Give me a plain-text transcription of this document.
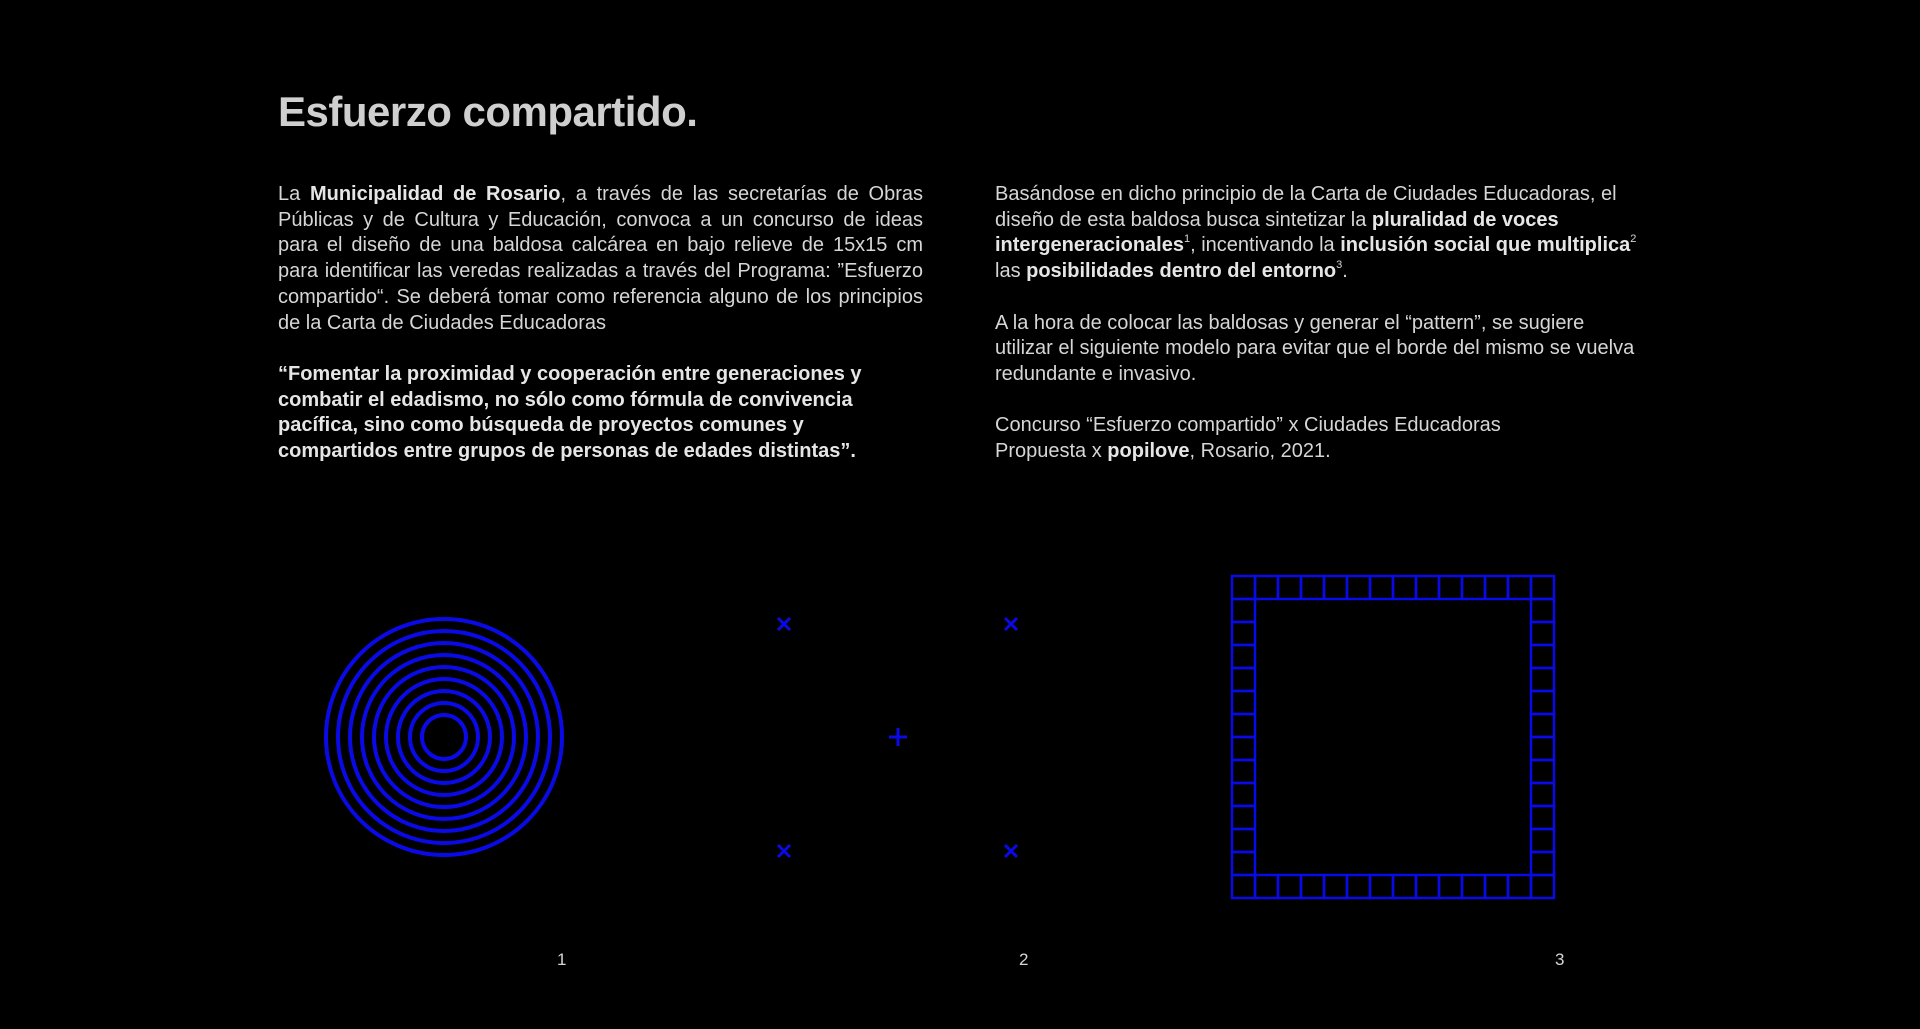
Esfuerzo compartido.

La Municipalidad de Rosario, a través de las secretarías de Obras Públicas y de Cultura y Educación, convoca a un concurso de ideas para el diseño de una baldosa calcárea en bajo relieve de 15x15 cm para identificar las veredas realizadas a través del Programa: ”Esfuerzo compartido“. Se deberá tomar como referencia alguno de los principios de la Carta de Ciudades Educadoras

“Fomentar la proximidad y cooperación entre generaciones y combatir el edadismo, no sólo como fórmula de convivencia pacífica, sino como búsqueda de proyectos comunes y compartidos entre grupos de personas de edades distintas”.

Basándose en dicho principio de la Carta de Ciudades Educadoras, el diseño de esta baldosa busca sintetizar la pluralidad de voces intergeneracionales$^1$, incentivando la inclusión social que multiplica$^2$ las posibilidades dentro del entorno$^3$.

A la hora de colocar las baldosas y generar el “pattern”, se sugiere utilizar el siguiente modelo para evitar que el borde del mismo se vuelva redundante e invasivo.

Concurso “Esfuerzo compartido” x Ciudades Educadoras
Propuesta x popilove, Rosario, 2021.

1	2	3
